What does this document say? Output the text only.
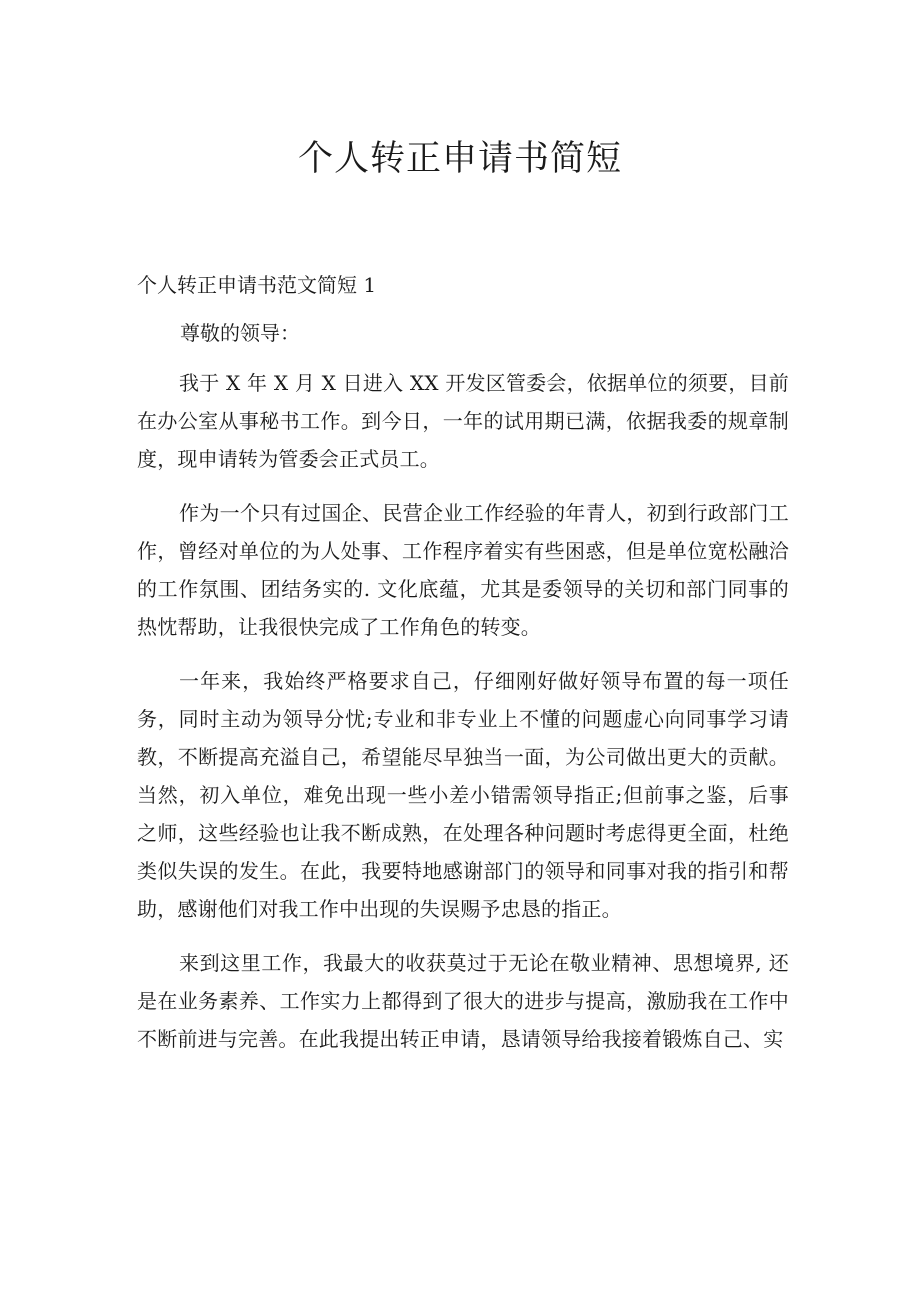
个人转正申请书简短

个人转正申请书范文简短 1

尊敬的领导：

我于 X 年 X 月 X 日进入 XX 开发区管委会，依据单位的须要，目前在办公室从事秘书工作。到今日，一年的试用期已满，依据我委的规章制度，现申请转为管委会正式员工。

作为一个只有过国企、民营企业工作经验的年青人，初到行政部门工作，曾经对单位的为人处事、工作程序着实有些困惑，但是单位宽松融洽的工作氛围、团结务实的. 文化底蕴，尤其是委领导的关切和部门同事的热忱帮助，让我很快完成了工作角色的转变。

一年来，我始终严格要求自己，仔细刚好做好领导布置的每一项任务，同时主动为领导分忧;专业和非专业上不懂的问题虚心向同事学习请教，不断提高充溢自己，希望能尽早独当一面，为公司做出更大的贡献。当然，初入单位，难免出现一些小差小错需领导指正;但前事之鉴，后事之师，这些经验也让我不断成熟，在处理各种问题时考虑得更全面，杜绝类似失误的发生。在此，我要特地感谢部门的领导和同事对我的指引和帮助，感谢他们对我工作中出现的失误赐予忠恳的指正。

来到这里工作，我最大的收获莫过于无论在敬业精神、思想境界, 还是在业务素养、工作实力上都得到了很大的进步与提高，激励我在工作中不断前进与完善。在此我提出转正申请，恳请领导给我接着锻炼自己、实
